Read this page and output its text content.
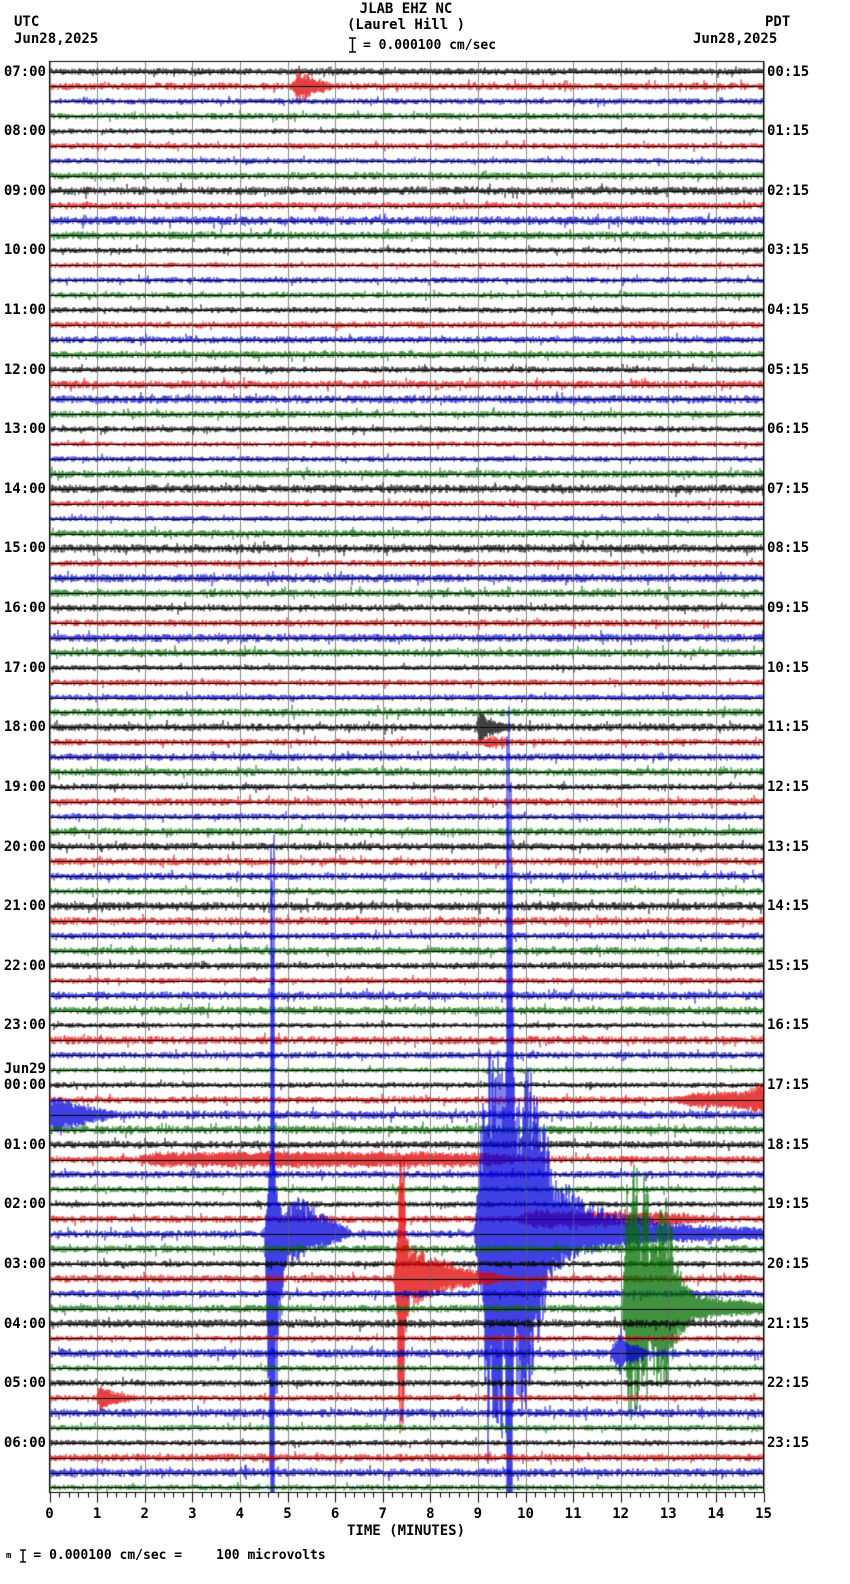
UTC
Jun28,2025
PDT
Jun28,2025
JLAB EHZ NC
(Laurel Hill )
= 0.000100 cm/sec
07:00
08:00
09:00
10:00
11:00
12:00
13:00
14:00
15:00
16:00
17:00
18:00
19:00
20:00
21:00
22:00
23:00
00:00
Jun29
01:00
02:00
03:00
04:00
05:00
06:00
00:15
01:15
02:15
03:15
04:15
05:15
06:15
07:15
08:15
09:15
10:15
11:15
12:15
13:15
14:15
15:15
16:15
17:15
18:15
19:15
20:15
21:15
22:15
23:15
0	1	2	3	4	5	6	7	8	9 10 11 12 13 14 15
TIME (MINUTES)
m = 0.000100 cm/sec =	100 microvolts
